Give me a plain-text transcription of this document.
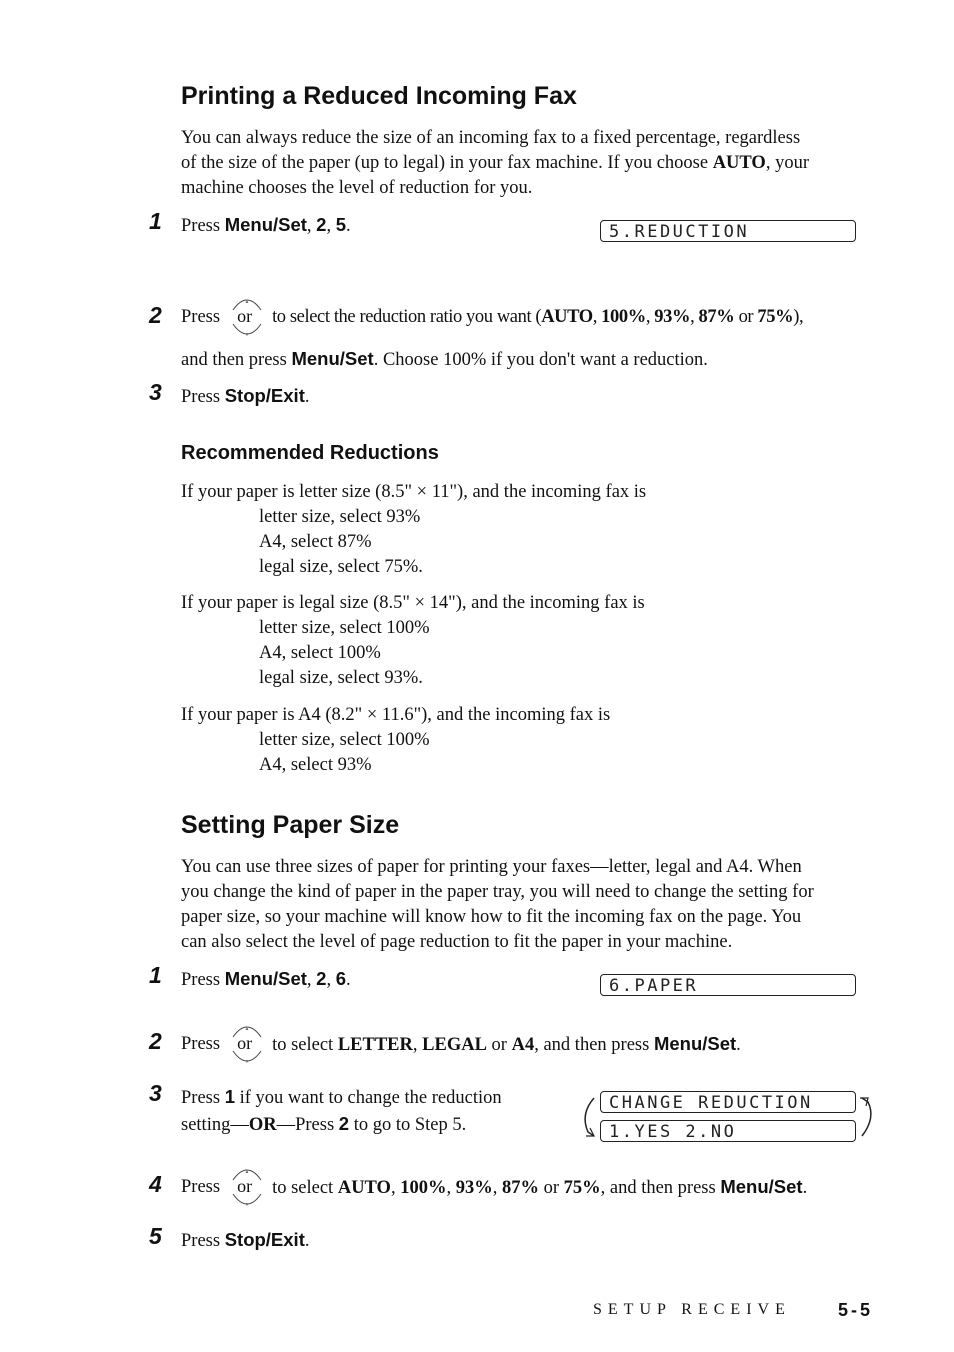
Printing a Reduced Incoming Fax
You can always reduce the size of an incoming fax to a fixed percentage, regardless
of the size of the paper (up to legal) in your fax machine. If you choose AUTO, your
machine chooses the level of reduction for you.
1 Press Menu/Set, 2, 5.	5.REDUCTION
2 Press
▲
▼
or to select the reduction ratio you want (AUTO, 100%, 93%, 87% or 75%),
and then press Menu/Set. Choose 100% if you don't want a reduction.
3 Press Stop/Exit.
Recommended Reductions
If your paper is letter size (8.5" × 11"), and the incoming fax is
letter size, select 93%
A4, select 87%
legal size, select 75%.
If your paper is legal size (8.5" × 14"), and the incoming fax is
letter size, select 100%
A4, select 100%
legal size, select 93%.
If your paper is A4 (8.2" × 11.6"), and the incoming fax is
letter size, select 100%
A4, select 93%
Setting Paper Size
You can use three sizes of paper for printing your faxes—letter, legal and A4. When
you change the kind of paper in the paper tray, you will need to change the setting for
paper size, so your machine will know how to fit the incoming fax on the page. You
can also select the level of page reduction to fit the paper in your machine.
1 Press Menu/Set, 2, 6.	6.PAPER
2 Press
▲
▼
or to select LETTER, LEGAL or A4, and then press Menu/Set.
3 Press 1 if you want to change the reduction
setting—OR—Press 2 to go to Step 5.
CHANGE REDUCTION
1.YES 2.NO
4 Press
▲
▼
or to select AUTO, 100%, 93%, 87% or 75%, and then press Menu/Set.
5 Press Stop/Exit.
SETUP RECEIVE	5-5
